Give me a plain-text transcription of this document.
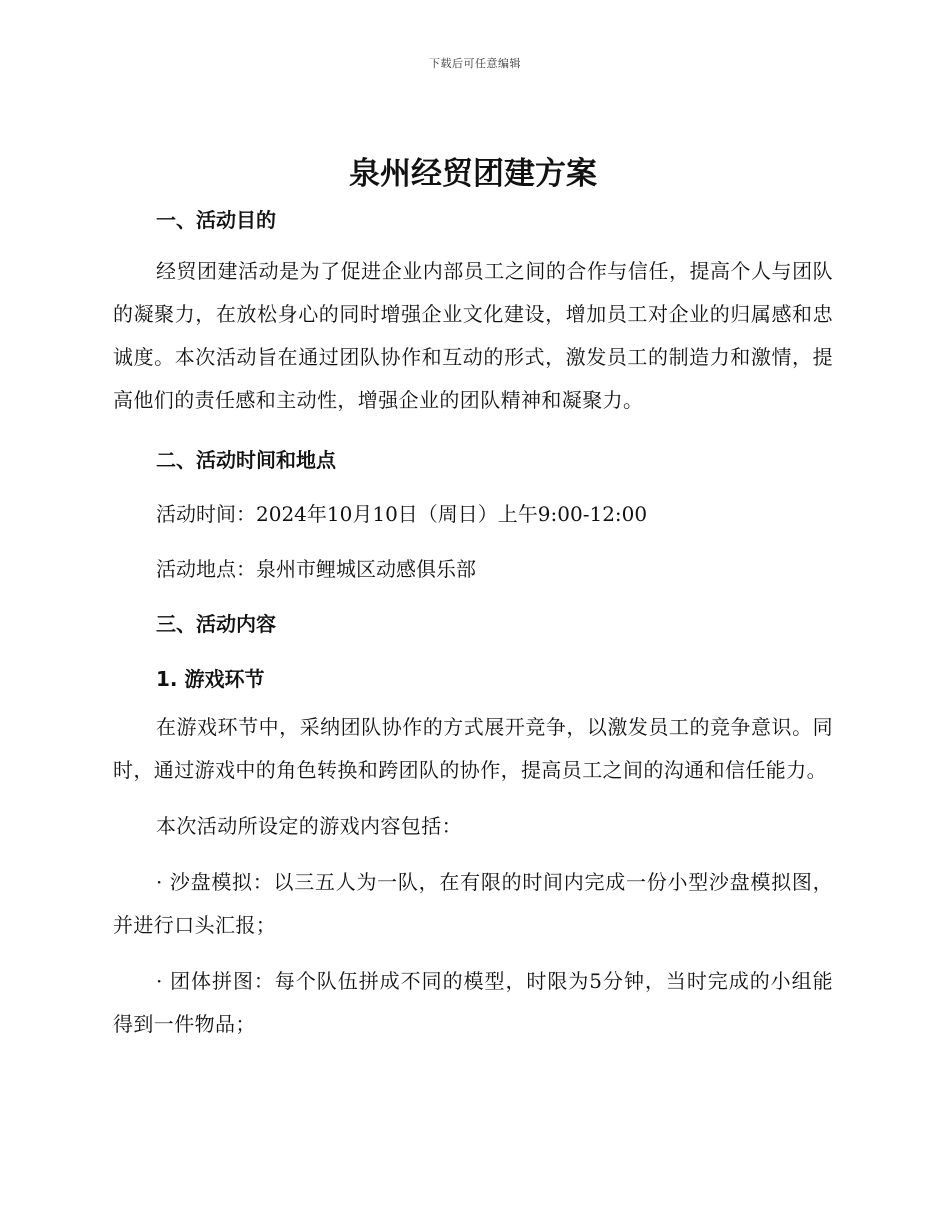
下载后可任意编辑
泉州经贸团建方案
一、活动目的

经贸团建活动是为了促进企业内部员工之间的合作与信任，提高个人与团队的凝聚力，在放松身心的同时增强企业文化建设，增加员工对企业的归属感和忠诚度。本次活动旨在通过团队协作和互动的形式，激发员工的制造力和激情，提高他们的责任感和主动性，增强企业的团队精神和凝聚力。

二、活动时间和地点

活动时间：2024年10月10日（周日）上午9:00-12:00

活动地点：泉州市鲤城区动感俱乐部

三、活动内容
1. 游戏环节

在游戏环节中，采纳团队协作的方式展开竞争，以激发员工的竞争意识。同时，通过游戏中的角色转换和跨团队的协作，提高员工之间的沟通和信任能力。

本次活动所设定的游戏内容包括：

· 沙盘模拟：以三五人为一队，在有限的时间内完成一份小型沙盘模拟图，并进行口头汇报；

· 团体拼图：每个队伍拼成不同的模型，时限为5分钟，当时完成的小组能得到一件物品；
